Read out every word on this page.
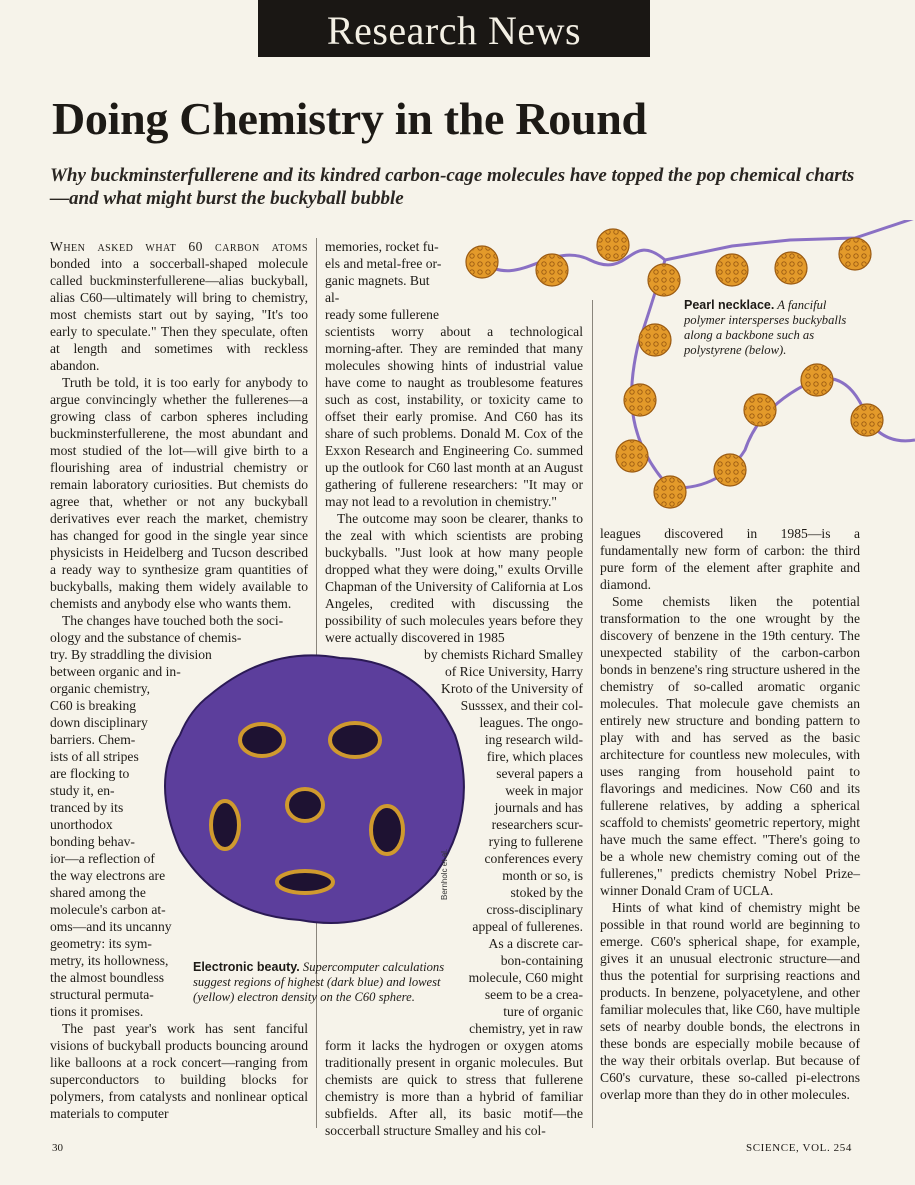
Research News
Doing Chemistry in the Round
Why buckminsterfullerene and its kindred carbon-cage molecules have topped the pop chemical charts—and what might burst the buckyball bubble

When asked what 60 carbon atoms bonded into a soccerball-shaped molecule called buckminsterfullerene—alias buckyball, alias C60—ultimately will bring to chemistry, most chemists start out by saying, "It's too early to speculate." Then they speculate, often at length and sometimes with reckless abandon.

Truth be told, it is too early for anybody to argue convincingly whether the fullerenes—a growing class of carbon spheres including buckminsterfullerene, the most abundant and most studied of the lot—will give birth to a flourishing area of industrial chemistry or remain laboratory curiosities. But chemists do agree that, whether or not any buckyball derivatives ever reach the market, chemistry has changed for good in the single year since physicists in Heidelberg and Tucson described a ready way to synthesize gram quantities of buckyballs, making them widely available to chemists and anybody else who wants them.

The changes have touched both the soci-
ology and the substance of chemis-
try. By straddling the division
between organic and in-
organic chemistry,
C60 is breaking
down disciplinary
barriers. Chem-
ists of all stripes
are flocking to
study it, en-
tranced by its
unorthodox
bonding behav-
ior—a reflection of
the way electrons are
shared among the
molecule's carbon at-
oms—and its uncanny
geometry: its sym-
metry, its hollowness,
the almost boundless
structural permuta-
tions it promises.

The past year's work has sent fanciful visions of buckyball products bouncing around like balloons at a rock concert—ranging from superconductors to building blocks for polymers, from catalysts and nonlinear optical materials to computer

memories, rocket fu-
els and metal-free or-
ganic magnets. But al-
ready some fullerene

scientists worry about a technological morning-after. They are reminded that many molecules showing hints of industrial value have come to naught as troublesome features such as cost, instability, or toxicity came to offset their early promise. And C60 has its share of such problems. Donald M. Cox of the Exxon Research and Engineering Co. summed up the outlook for C60 last month at an August gathering of fullerene researchers: "It may or may not lead to a revolution in chemistry."

The outcome may soon be clearer, thanks to the zeal with which scientists are probing buckyballs. "Just look at how many people dropped what they were doing," exults Orville Chapman of the University of California at Los Angeles, credited with discussing the possibility of such molecules years before they were actually discovered in 1985

by chemists Richard Smalley
of Rice University, Harry
Kroto of the University of
Susssex, and their col-
leagues. The ongo-
ing research wild-
fire, which places
several papers a
week in major
journals and has
researchers scur-
rying to fullerene
conferences every
month or so, is
stoked by the
cross-disciplinary
appeal of fullerenes.
As a discrete car-
bon-containing
molecule, C60 might
seem to be a crea-
ture of organic
chemistry, yet in raw

form it lacks the hydrogen or oxygen atoms traditionally present in organic molecules. But chemists are quick to stress that fullerene chemistry is more than a hybrid of familiar subfields. After all, its basic motif—the soccerball structure Smalley and his col-

leagues discovered in 1985—is a fundamentally new form of carbon: the third pure form of the element after graphite and diamond.

Some chemists liken the potential transformation to the one wrought by the discovery of benzene in the 19th century. The unexpected stability of the carbon-carbon bonds in benzene's ring structure ushered in the chemistry of so-called aromatic organic molecules. That molecule gave chemists an entirely new structure and bonding pattern to play with and has served as the basic architecture for countless new molecules, with uses ranging from household paint to flavorings and medicines. Now C60 and its fullerene relatives, by adding a spherical scaffold to chemists' geometric repertory, might have much the same effect. "There's going to be a whole new chemistry coming out of the fullerenes," predicts chemistry Nobel Prize–winner Donald Cram of UCLA.

Hints of what kind of chemistry might be possible in that round world are beginning to emerge. C60's spherical shape, for example, gives it an unusual electronic structure—and thus the potential for surprising reactions and products. In benzene, polyacetylene, and other familiar molecules that, like C60, have multiple sets of nearby double bonds, the electrons in these bonds are especially mobile because of the way their orbitals overlap. But because of C60's curvature, these so-called pi-electrons overlap more than they do in other molecules.

Pearl necklace. A fanciful polymer intersperses buckyballs along a backbone such as polystyrene (below).
Bernholc et al.
Electronic beauty. Supercomputer calculations suggest regions of highest (dark blue) and lowest (yellow) electron density on the C60 sphere.
30	SCIENCE, VOL. 254
